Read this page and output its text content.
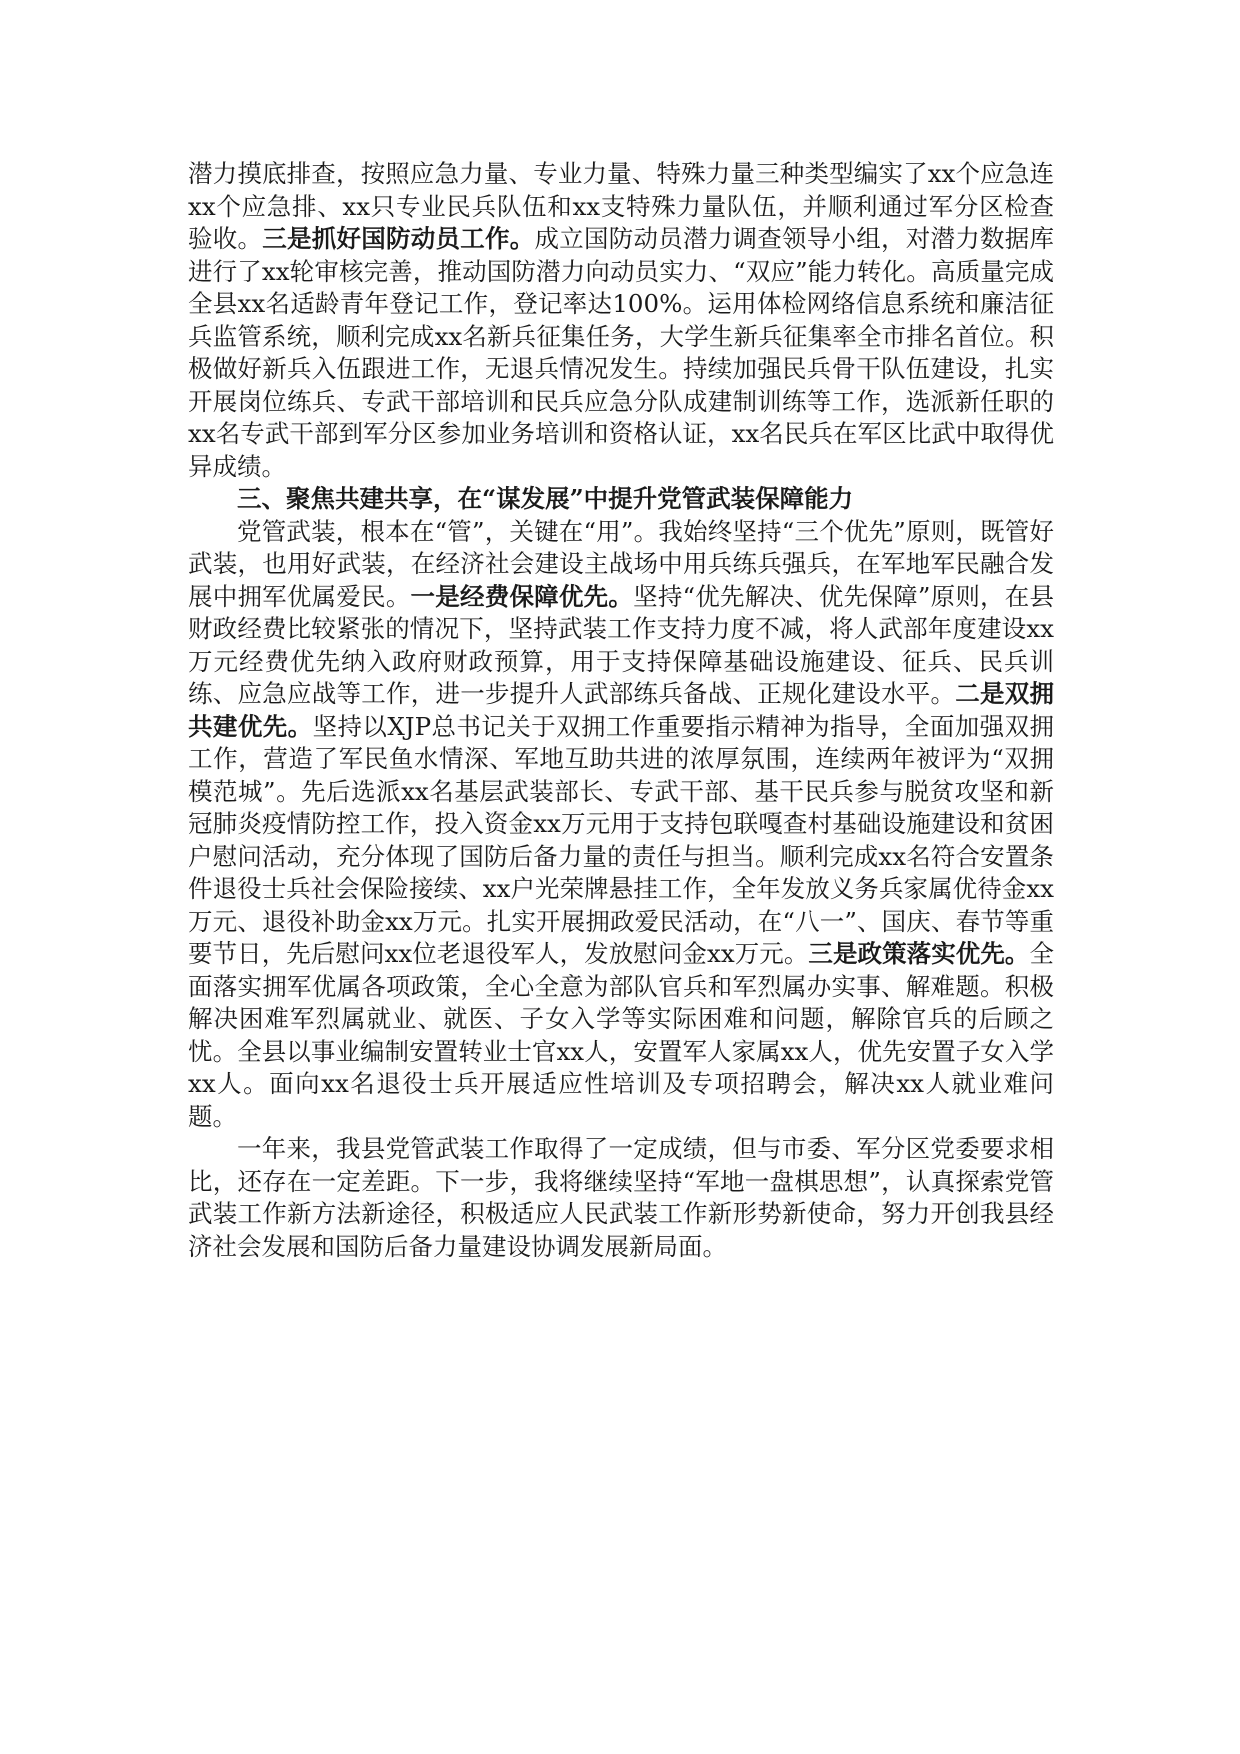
潜力摸底排查，按照应急力量、专业力量、特殊力量三种类型编实了xx个应急连xx个应急排、xx只专业民兵队伍和xx支特殊力量队伍，并顺利通过军分区检查验收。三是抓好国防动员工作。成立国防动员潜力调查领导小组，对潜力数据库进行了xx轮审核完善，推动国防潜力向动员实力、“双应”能力转化。高质量完成全县xx名适龄青年登记工作，登记率达100%。运用体检网络信息系统和廉洁征兵监管系统，顺利完成xx名新兵征集任务，大学生新兵征集率全市排名首位。积极做好新兵入伍跟进工作，无退兵情况发生。持续加强民兵骨干队伍建设，扎实开展岗位练兵、专武干部培训和民兵应急分队成建制训练等工作，选派新任职的xx名专武干部到军分区参加业务培训和资格认证，xx名民兵在军区比武中取得优异成绩。

三、聚焦共建共享，在“谋发展”中提升党管武装保障能力

党管武装，根本在“管”，关键在“用”。我始终坚持“三个优先”原则，既管好武装，也用好武装，在经济社会建设主战场中用兵练兵强兵，在军地军民融合发展中拥军优属爱民。一是经费保障优先。坚持“优先解决、优先保障”原则，在县财政经费比较紧张的情况下，坚持武装工作支持力度不减，将人武部年度建设xx万元经费优先纳入政府财政预算，用于支持保障基础设施建设、征兵、民兵训练、应急应战等工作，进一步提升人武部练兵备战、正规化建设水平。二是双拥共建优先。坚持以XJP总书记关于双拥工作重要指示精神为指导，全面加强双拥工作，营造了军民鱼水情深、军地互助共进的浓厚氛围，连续两年被评为“双拥模范城”。先后选派xx名基层武装部长、专武干部、基干民兵参与脱贫攻坚和新冠肺炎疫情防控工作，投入资金xx万元用于支持包联嘎查村基础设施建设和贫困户慰问活动，充分体现了国防后备力量的责任与担当。顺利完成xx名符合安置条件退役士兵社会保险接续、xx户光荣牌悬挂工作，全年发放义务兵家属优待金xx万元、退役补助金xx万元。扎实开展拥政爱民活动，在“八一”、国庆、春节等重要节日，先后慰问xx位老退役军人，发放慰问金xx万元。三是政策落实优先。全面落实拥军优属各项政策，全心全意为部队官兵和军烈属办实事、解难题。积极解决困难军烈属就业、就医、子女入学等实际困难和问题，解除官兵的后顾之忧。全县以事业编制安置转业士官xx人，安置军人家属xx人，优先安置子女入学xx人。面向xx名退役士兵开展适应性培训及专项招聘会，解决xx人就业难问题。

一年来，我县党管武装工作取得了一定成绩，但与市委、军分区党委要求相比，还存在一定差距。下一步，我将继续坚持“军地一盘棋思想”，认真探索党管武装工作新方法新途径，积极适应人民武装工作新形势新使命，努力开创我县经济社会发展和国防后备力量建设协调发展新局面。
